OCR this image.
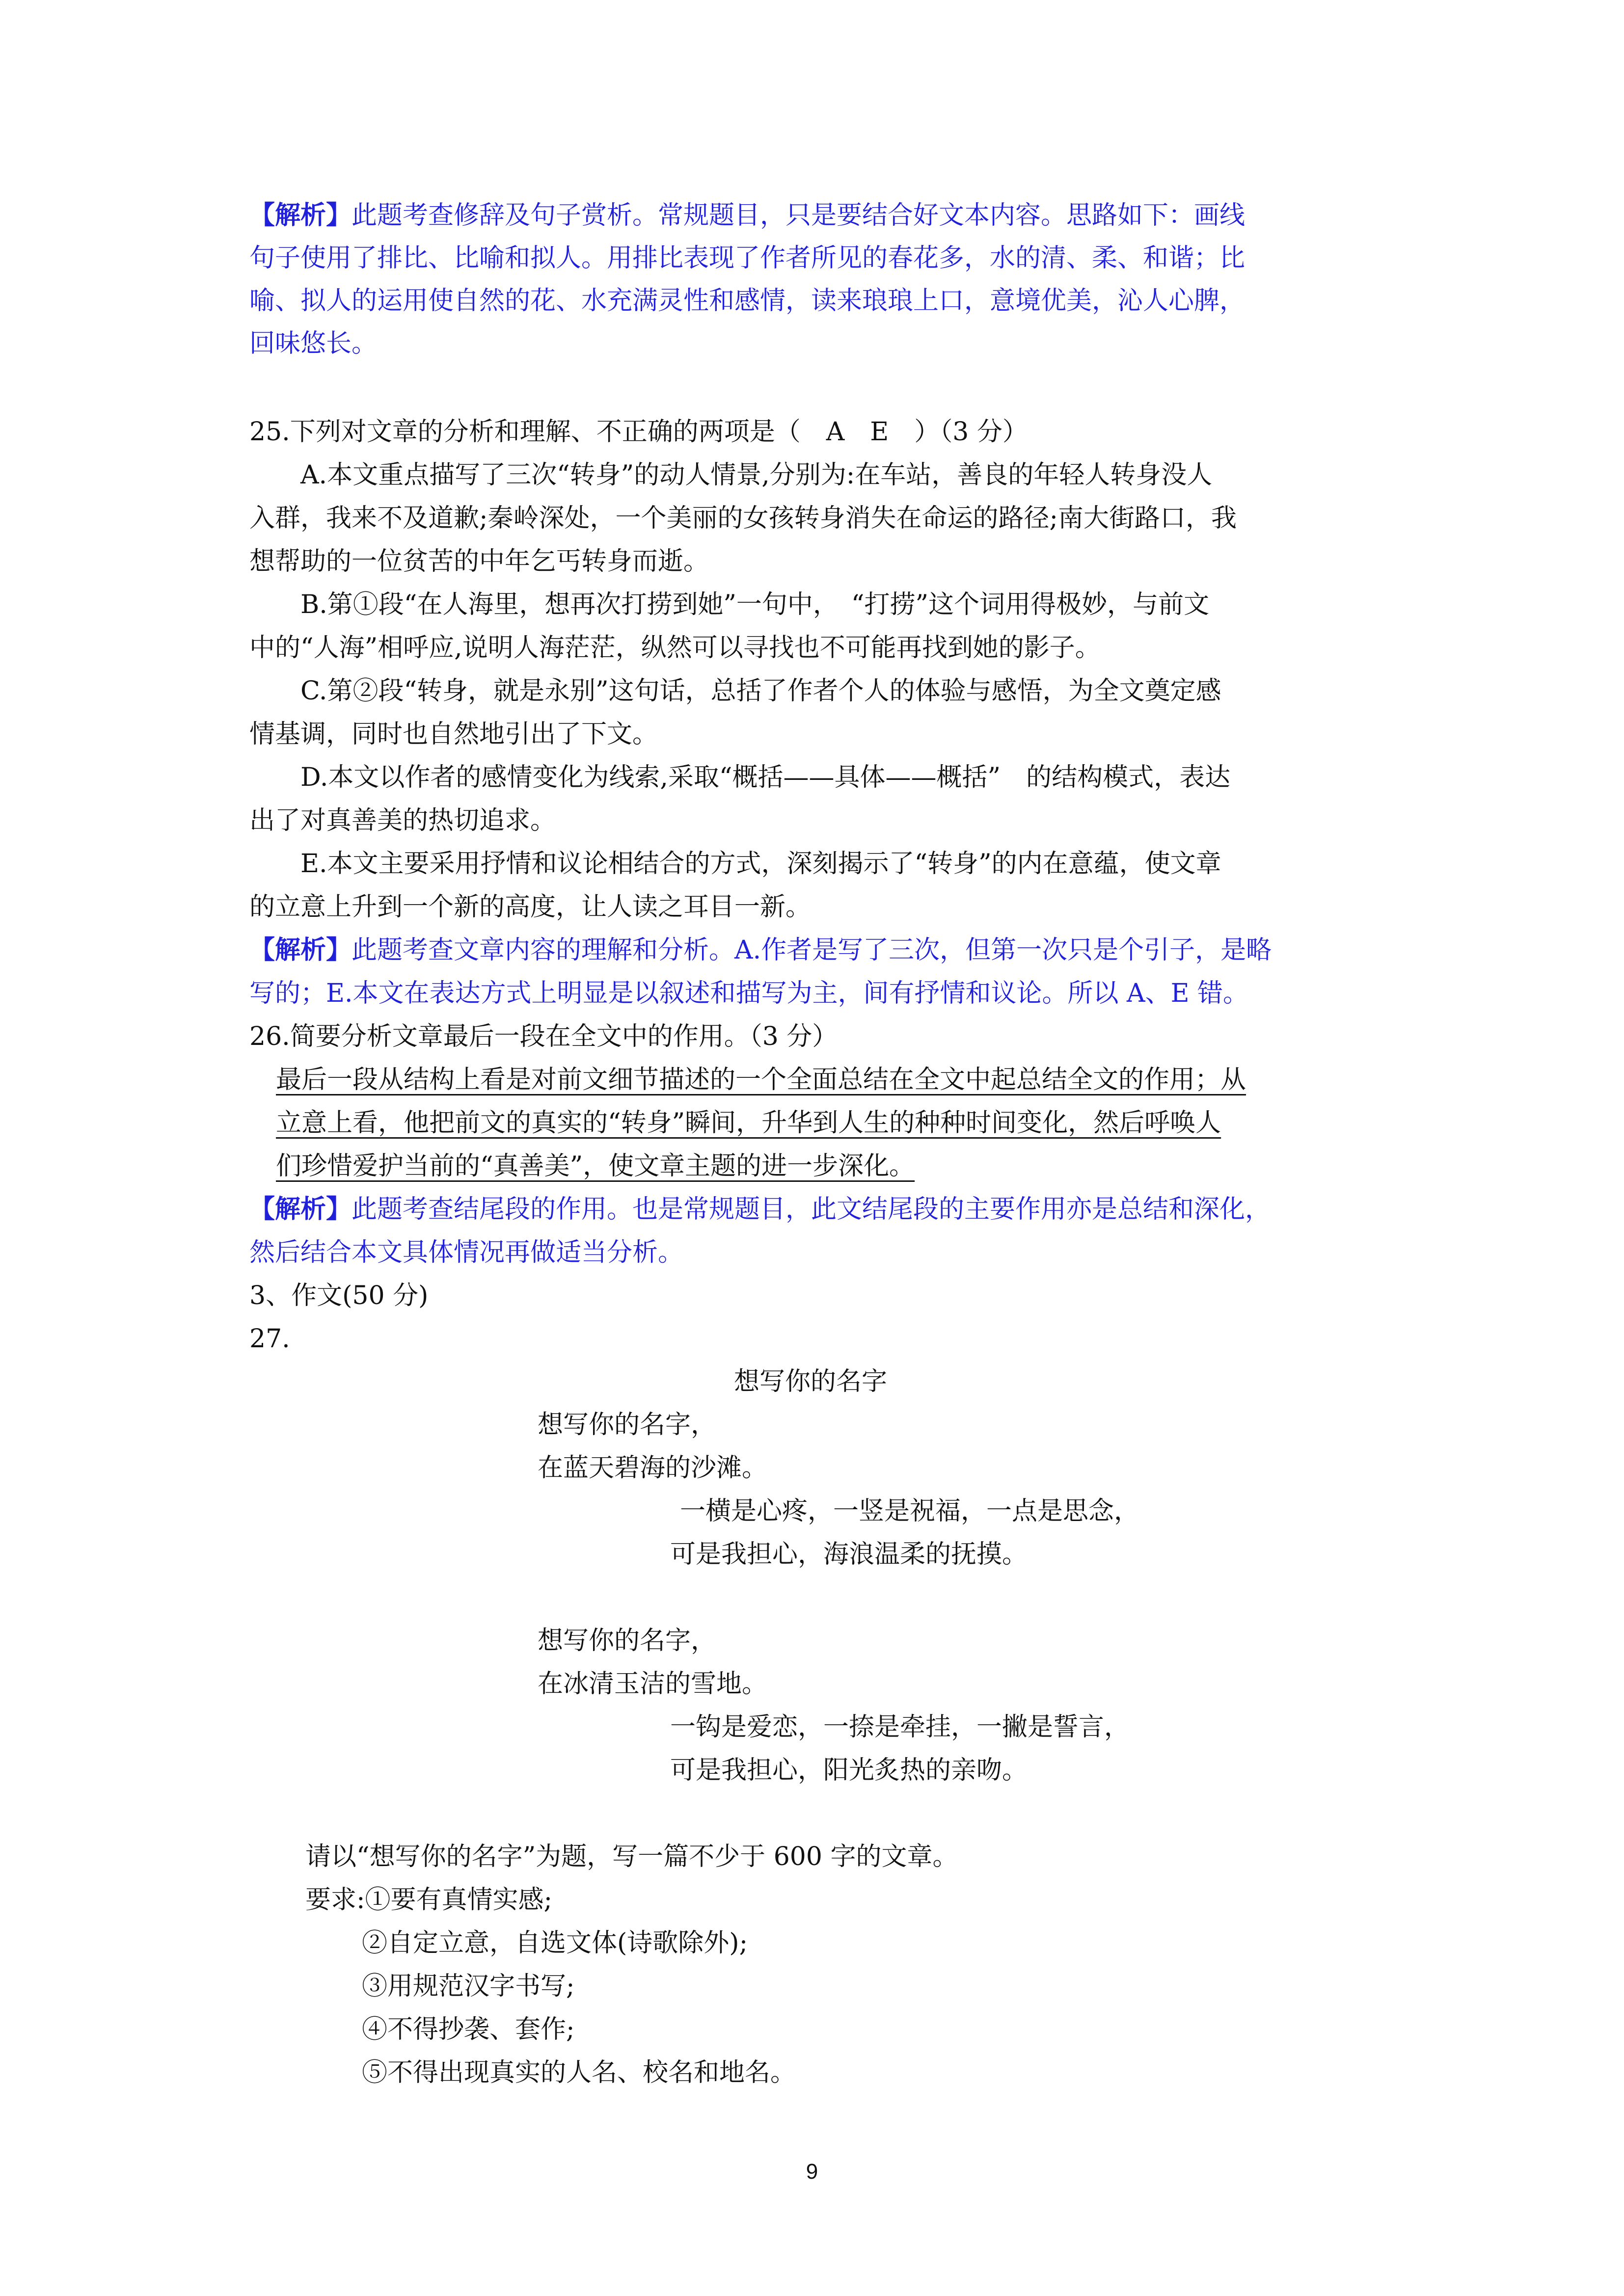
【解析】此题考查修辞及句子赏析。常规题目，只是要结合好文本内容。思路如下：画线
句子使用了排比、比喻和拟人。用排比表现了作者所见的春花多，水的清、柔、和谐；比
喻、拟人的运用使自然的花、水充满灵性和感情，读来琅琅上口，意境优美，沁人心脾，
回味悠长。
25.下列对文章的分析和理解、不正确的两项是（　A　E　）（3 分）
A.本文重点描写了三次“转身”的动人情景,分别为:在车站，善良的年轻人转身没人
入群，我来不及道歉;秦岭深处，一个美丽的女孩转身消失在命运的路径;南大街路口，我
想帮助的一位贫苦的中年乞丐转身而逝。
B.第①段“在人海里，想再次打捞到她”一句中，　“打捞”这个词用得极妙，与前文
中的“人海”相呼应,说明人海茫茫，纵然可以寻找也不可能再找到她的影子。
C.第②段“转身，就是永别”这句话，总括了作者个人的体验与感悟，为全文奠定感
情基调，同时也自然地引出了下文。
D.本文以作者的感情变化为线索,采取“概括——具体——概括”　的结构模式，表达
出了对真善美的热切追求。
E.本文主要采用抒情和议论相结合的方式，深刻揭示了“转身”的内在意蕴，使文章
的立意上升到一个新的高度，让人读之耳目一新。
【解析】此题考查文章内容的理解和分析。A.作者是写了三次，但第一次只是个引子，是略
写的；E.本文在表达方式上明显是以叙述和描写为主，间有抒情和议论。所以 A、E 错。
26.简要分析文章最后一段在全文中的作用。（3 分）
最后一段从结构上看是对前文细节描述的一个全面总结在全文中起总结全文的作用；从
立意上看，他把前文的真实的“转身”瞬间，升华到人生的种种时间变化，然后呼唤人
们珍惜爱护当前的“真善美”，使文章主题的进一步深化。
【解析】此题考查结尾段的作用。也是常规题目，此文结尾段的主要作用亦是总结和深化，
然后结合本文具体情况再做适当分析。
3、作文(50 分)
27.
想写你的名字
想写你的名字，
在蓝天碧海的沙滩。
一横是心疼，一竖是祝福，一点是思念，
可是我担心，海浪温柔的抚摸。
想写你的名字，
在冰清玉洁的雪地。
一钩是爱恋，一捺是牵挂，一撇是誓言，
可是我担心，阳光炙热的亲吻。
请以“想写你的名字”为题，写一篇不少于 600 字的文章。
要求:①要有真情实感;
②自定立意，自选文体(诗歌除外);
③用规范汉字书写;
④不得抄袭、套作;
⑤不得出现真实的人名、校名和地名。
9
